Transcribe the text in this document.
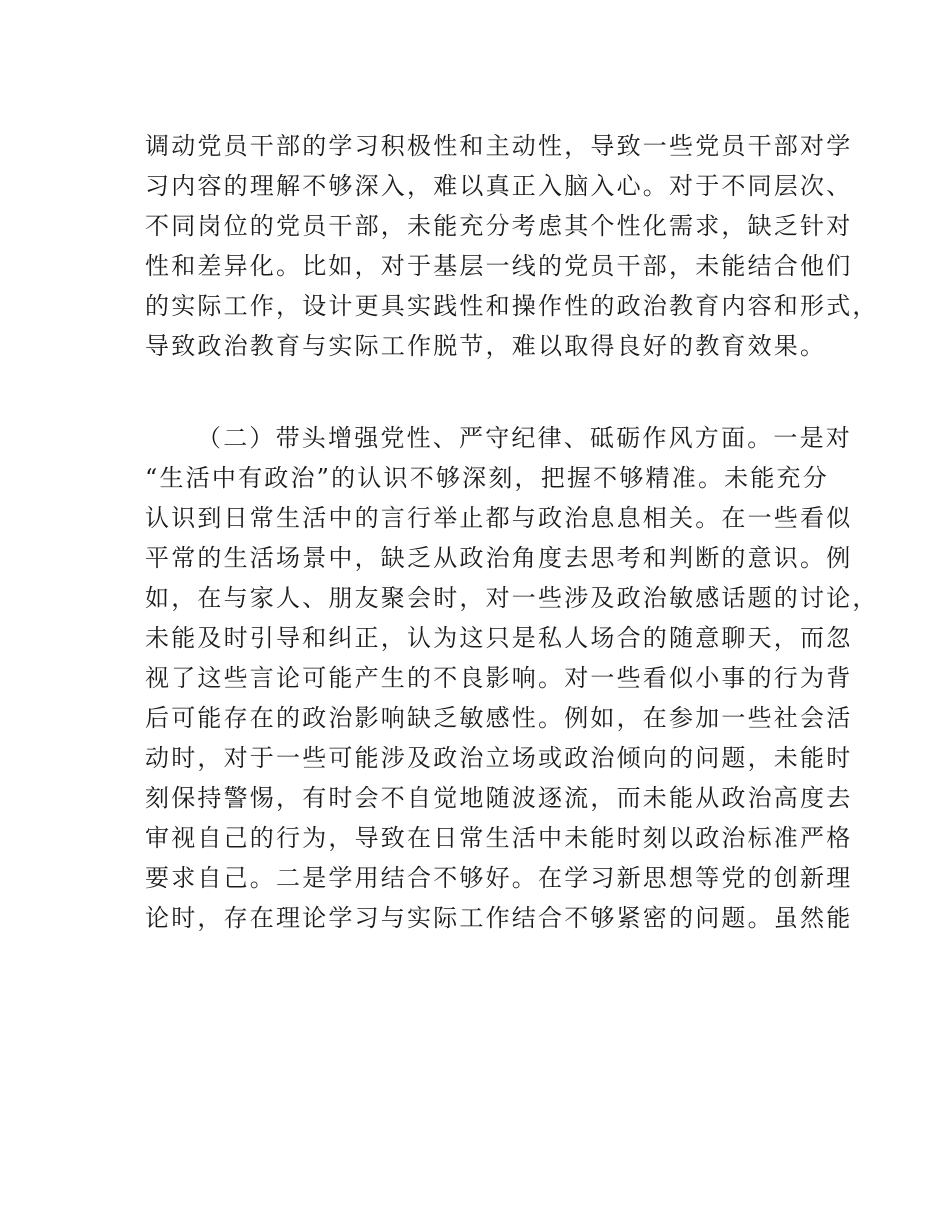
调动党员干部的学习积极性和主动性，导致一些党员干部对学
习内容的理解不够深入，难以真正入脑入心。对于不同层次、
不同岗位的党员干部，未能充分考虑其个性化需求，缺乏针对
性和差异化。比如，对于基层一线的党员干部，未能结合他们
的实际工作，设计更具实践性和操作性的政治教育内容和形式，
导致政治教育与实际工作脱节，难以取得良好的教育效果。
（二）带头增强党性、严守纪律、砥砺作风方面。一是对
“生活中有政治”的认识不够深刻，把握不够精准。未能充分
认识到日常生活中的言行举止都与政治息息相关。在一些看似
平常的生活场景中，缺乏从政治角度去思考和判断的意识。例
如，在与家人、朋友聚会时，对一些涉及政治敏感话题的讨论，
未能及时引导和纠正，认为这只是私人场合的随意聊天，而忽
视了这些言论可能产生的不良影响。对一些看似小事的行为背
后可能存在的政治影响缺乏敏感性。例如，在参加一些社会活
动时，对于一些可能涉及政治立场或政治倾向的问题，未能时
刻保持警惕，有时会不自觉地随波逐流，而未能从政治高度去
审视自己的行为，导致在日常生活中未能时刻以政治标准严格
要求自己。二是学用结合不够好。在学习新思想等党的创新理
论时，存在理论学习与实际工作结合不够紧密的问题。虽然能
